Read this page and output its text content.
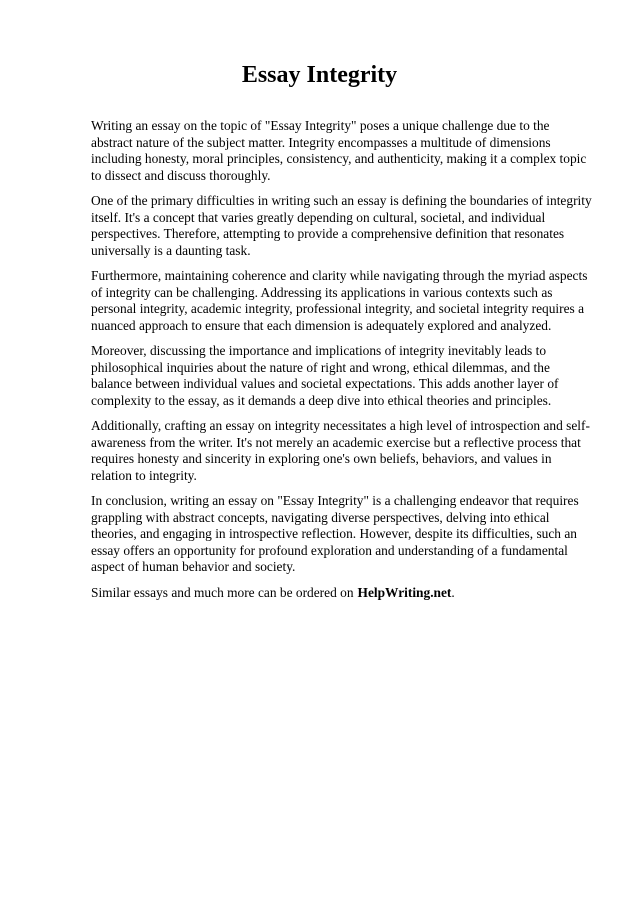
Essay Integrity

Writing an essay on the topic of "Essay Integrity" poses a unique challenge due to the abstract nature of the subject matter. Integrity encompasses a multitude of dimensions including honesty, moral principles, consistency, and authenticity, making it a complex topic to dissect and discuss thoroughly.

One of the primary difficulties in writing such an essay is defining the boundaries of integrity itself. It's a concept that varies greatly depending on cultural, societal, and individual perspectives. Therefore, attempting to provide a comprehensive definition that resonates universally is a daunting task.

Furthermore, maintaining coherence and clarity while navigating through the myriad aspects of integrity can be challenging. Addressing its applications in various contexts such as personal integrity, academic integrity, professional integrity, and societal integrity requires a nuanced approach to ensure that each dimension is adequately explored and analyzed.

Moreover, discussing the importance and implications of integrity inevitably leads to philosophical inquiries about the nature of right and wrong, ethical dilemmas, and the balance between individual values and societal expectations. This adds another layer of complexity to the essay, as it demands a deep dive into ethical theories and principles.

Additionally, crafting an essay on integrity necessitates a high level of introspection and self-awareness from the writer. It's not merely an academic exercise but a reflective process that requires honesty and sincerity in exploring one's own beliefs, behaviors, and values in relation to integrity.

In conclusion, writing an essay on "Essay Integrity" is a challenging endeavor that requires grappling with abstract concepts, navigating diverse perspectives, delving into ethical theories, and engaging in introspective reflection. However, despite its difficulties, such an essay offers an opportunity for profound exploration and understanding of a fundamental aspect of human behavior and society.

Similar essays and much more can be ordered on HelpWriting.net.
